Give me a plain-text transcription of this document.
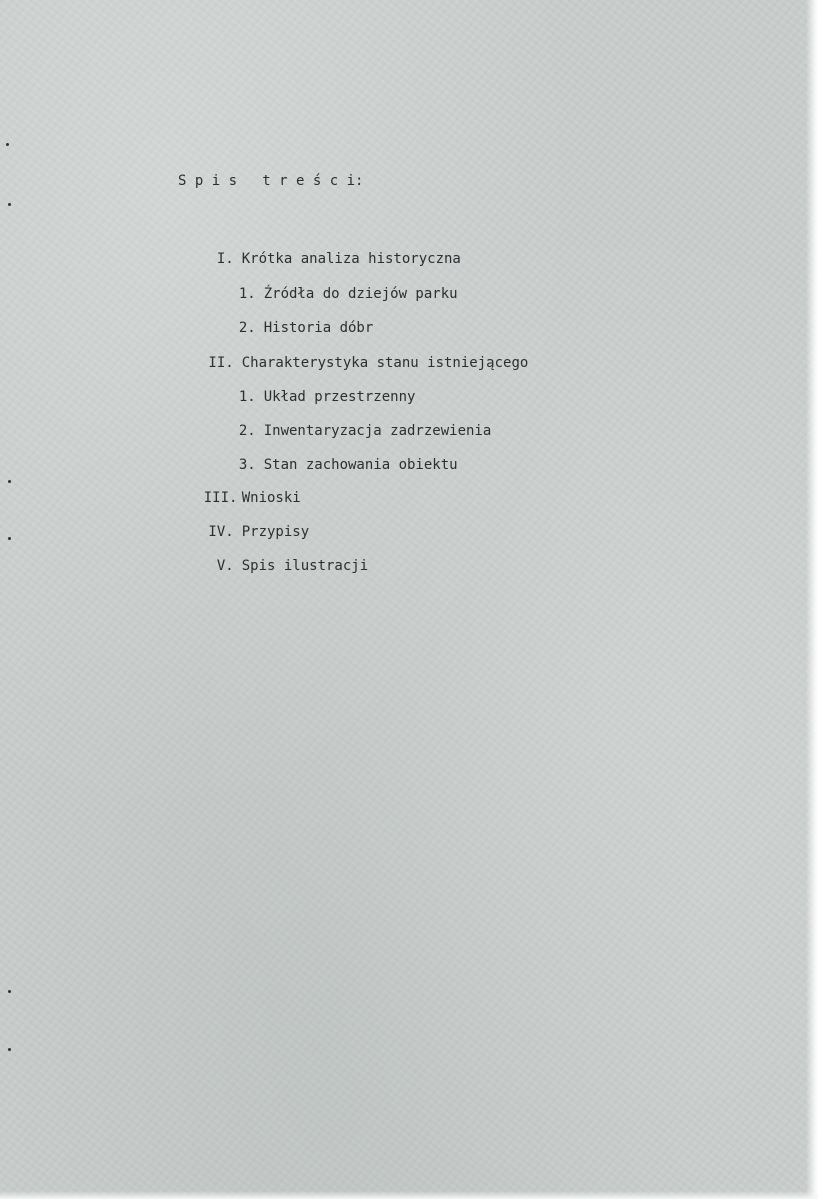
S p i s   t r e ś c i:

I. Krótka analiza historyczna

1. Źródła do dziejów parku

2. Historia dóbr

II. Charakterystyka stanu istniejącego

1. Układ przestrzenny

2. Inwentaryzacja zadrzewienia

3. Stan zachowania obiektu

III. Wnioski

IV. Przypisy

V. Spis ilustracji
